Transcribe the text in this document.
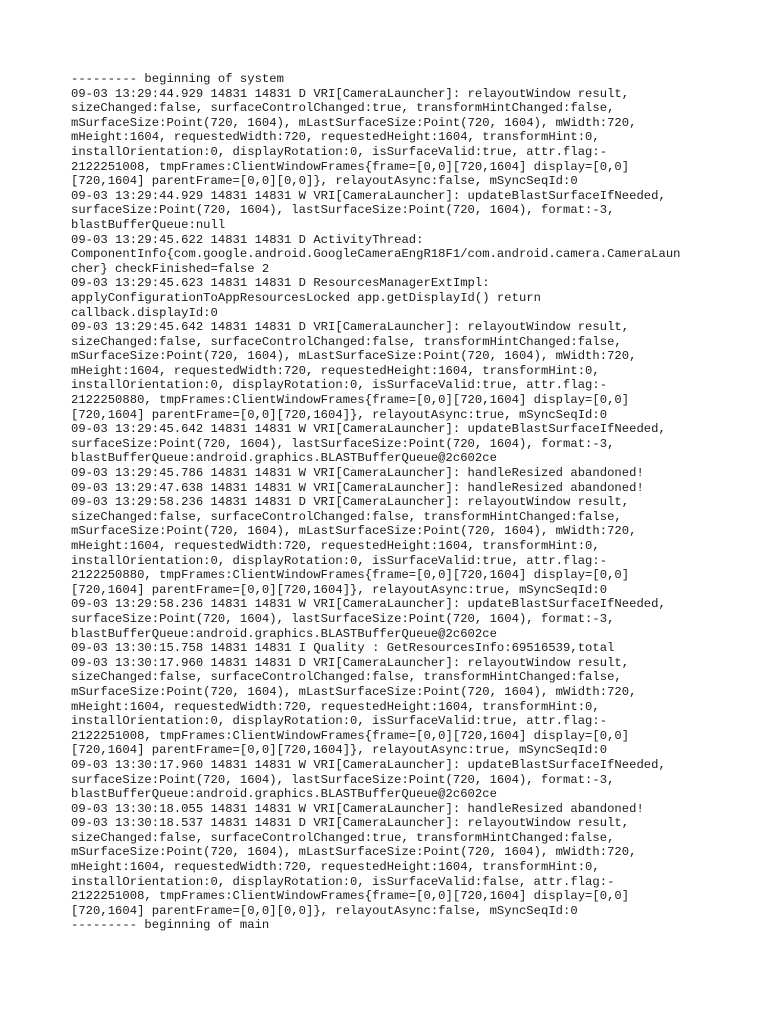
--------- beginning of system
09-03 13:29:44.929 14831 14831 D VRI[CameraLauncher]: relayoutWindow result,
sizeChanged:false, surfaceControlChanged:true, transformHintChanged:false,
mSurfaceSize:Point(720, 1604), mLastSurfaceSize:Point(720, 1604), mWidth:720,
mHeight:1604, requestedWidth:720, requestedHeight:1604, transformHint:0,
installOrientation:0, displayRotation:0, isSurfaceValid:true, attr.flag:-
2122251008, tmpFrames:ClientWindowFrames{frame=[0,0][720,1604] display=[0,0]
[720,1604] parentFrame=[0,0][0,0]}, relayoutAsync:false, mSyncSeqId:0
09-03 13:29:44.929 14831 14831 W VRI[CameraLauncher]: updateBlastSurfaceIfNeeded,
surfaceSize:Point(720, 1604), lastSurfaceSize:Point(720, 1604), format:-3,
blastBufferQueue:null
09-03 13:29:45.622 14831 14831 D ActivityThread:
ComponentInfo{com.google.android.GoogleCameraEngR18F1/com.android.camera.CameraLaun
cher} checkFinished=false 2
09-03 13:29:45.623 14831 14831 D ResourcesManagerExtImpl:
applyConfigurationToAppResourcesLocked app.getDisplayId() return
callback.displayId:0
09-03 13:29:45.642 14831 14831 D VRI[CameraLauncher]: relayoutWindow result,
sizeChanged:false, surfaceControlChanged:false, transformHintChanged:false,
mSurfaceSize:Point(720, 1604), mLastSurfaceSize:Point(720, 1604), mWidth:720,
mHeight:1604, requestedWidth:720, requestedHeight:1604, transformHint:0,
installOrientation:0, displayRotation:0, isSurfaceValid:true, attr.flag:-
2122250880, tmpFrames:ClientWindowFrames{frame=[0,0][720,1604] display=[0,0]
[720,1604] parentFrame=[0,0][720,1604]}, relayoutAsync:true, mSyncSeqId:0
09-03 13:29:45.642 14831 14831 W VRI[CameraLauncher]: updateBlastSurfaceIfNeeded,
surfaceSize:Point(720, 1604), lastSurfaceSize:Point(720, 1604), format:-3,
blastBufferQueue:android.graphics.BLASTBufferQueue@2c602ce
09-03 13:29:45.786 14831 14831 W VRI[CameraLauncher]: handleResized abandoned!
09-03 13:29:47.638 14831 14831 W VRI[CameraLauncher]: handleResized abandoned!
09-03 13:29:58.236 14831 14831 D VRI[CameraLauncher]: relayoutWindow result,
sizeChanged:false, surfaceControlChanged:false, transformHintChanged:false,
mSurfaceSize:Point(720, 1604), mLastSurfaceSize:Point(720, 1604), mWidth:720,
mHeight:1604, requestedWidth:720, requestedHeight:1604, transformHint:0,
installOrientation:0, displayRotation:0, isSurfaceValid:true, attr.flag:-
2122250880, tmpFrames:ClientWindowFrames{frame=[0,0][720,1604] display=[0,0]
[720,1604] parentFrame=[0,0][720,1604]}, relayoutAsync:true, mSyncSeqId:0
09-03 13:29:58.236 14831 14831 W VRI[CameraLauncher]: updateBlastSurfaceIfNeeded,
surfaceSize:Point(720, 1604), lastSurfaceSize:Point(720, 1604), format:-3,
blastBufferQueue:android.graphics.BLASTBufferQueue@2c602ce
09-03 13:30:15.758 14831 14831 I Quality : GetResourcesInfo:69516539,total
09-03 13:30:17.960 14831 14831 D VRI[CameraLauncher]: relayoutWindow result,
sizeChanged:false, surfaceControlChanged:false, transformHintChanged:false,
mSurfaceSize:Point(720, 1604), mLastSurfaceSize:Point(720, 1604), mWidth:720,
mHeight:1604, requestedWidth:720, requestedHeight:1604, transformHint:0,
installOrientation:0, displayRotation:0, isSurfaceValid:true, attr.flag:-
2122251008, tmpFrames:ClientWindowFrames{frame=[0,0][720,1604] display=[0,0]
[720,1604] parentFrame=[0,0][720,1604]}, relayoutAsync:true, mSyncSeqId:0
09-03 13:30:17.960 14831 14831 W VRI[CameraLauncher]: updateBlastSurfaceIfNeeded,
surfaceSize:Point(720, 1604), lastSurfaceSize:Point(720, 1604), format:-3,
blastBufferQueue:android.graphics.BLASTBufferQueue@2c602ce
09-03 13:30:18.055 14831 14831 W VRI[CameraLauncher]: handleResized abandoned!
09-03 13:30:18.537 14831 14831 D VRI[CameraLauncher]: relayoutWindow result,
sizeChanged:false, surfaceControlChanged:true, transformHintChanged:false,
mSurfaceSize:Point(720, 1604), mLastSurfaceSize:Point(720, 1604), mWidth:720,
mHeight:1604, requestedWidth:720, requestedHeight:1604, transformHint:0,
installOrientation:0, displayRotation:0, isSurfaceValid:false, attr.flag:-
2122251008, tmpFrames:ClientWindowFrames{frame=[0,0][720,1604] display=[0,0]
[720,1604] parentFrame=[0,0][0,0]}, relayoutAsync:false, mSyncSeqId:0
--------- beginning of main
